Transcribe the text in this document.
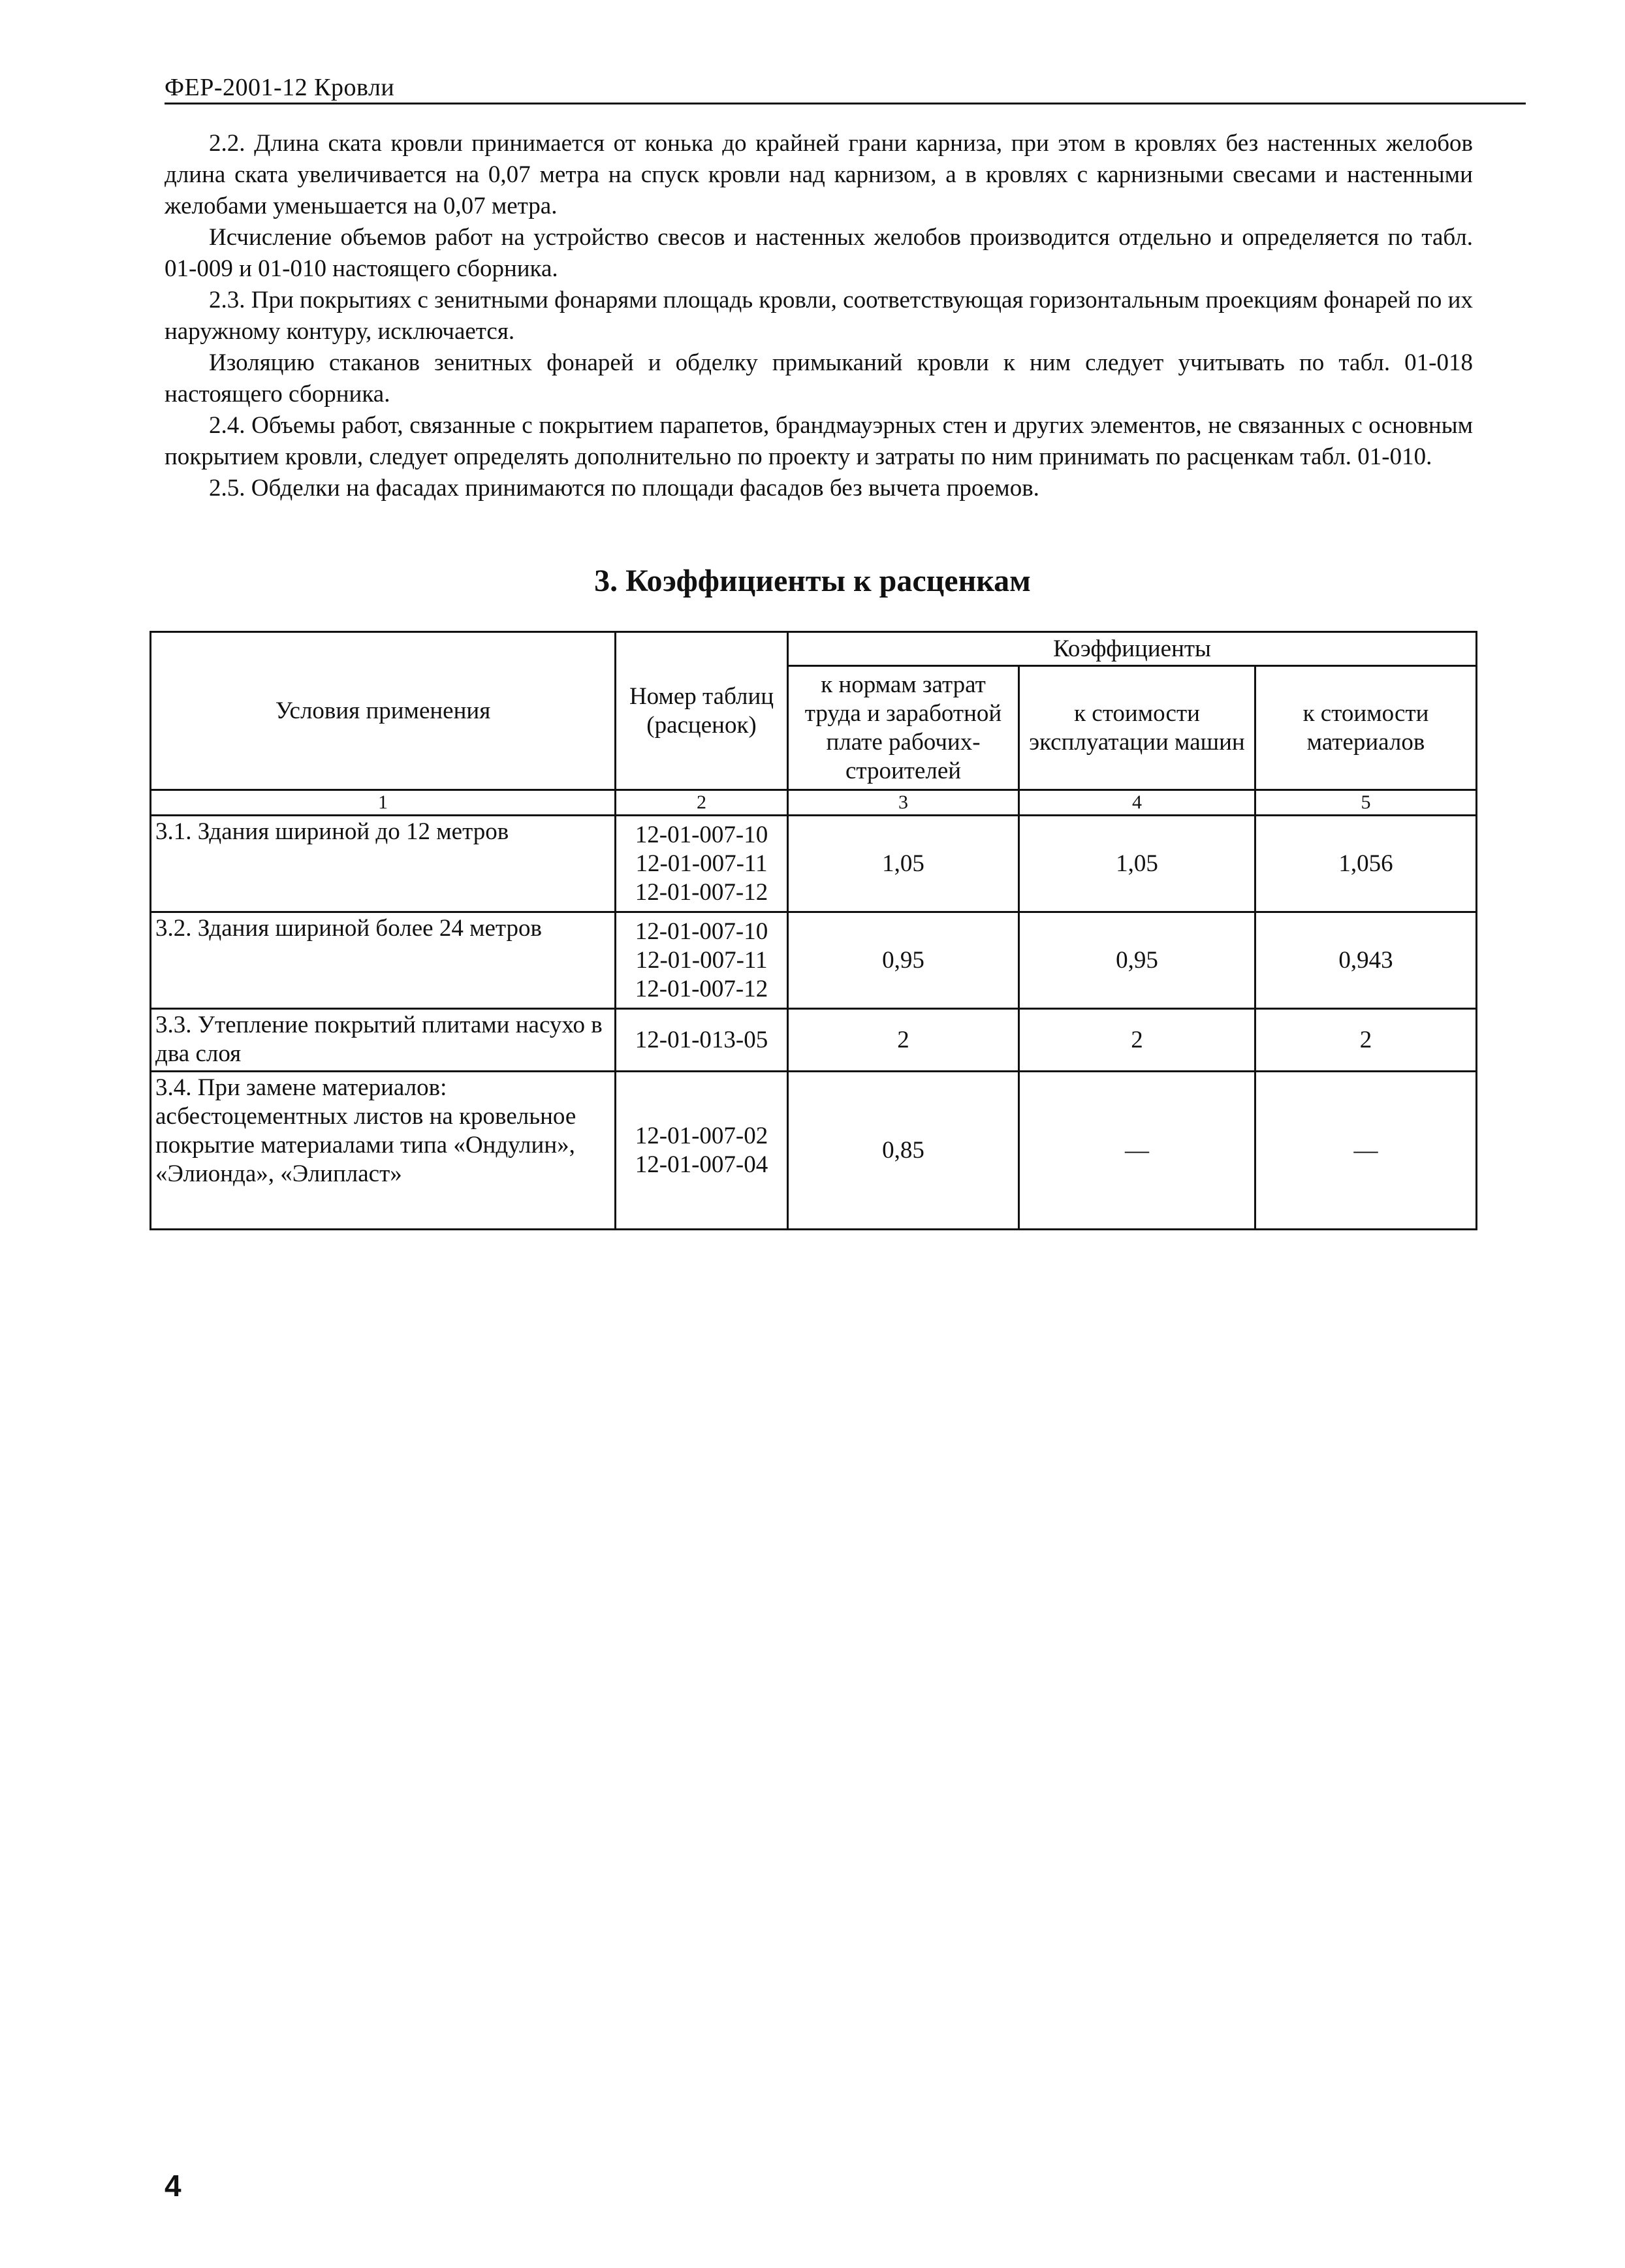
ФЕР-2001-12 Кровли

2.2. Длина ската кровли принимается от конька до крайней грани карниза, при этом в кровлях без настенных желобов длина ската увеличивается на 0,07 метра на спуск кровли над карнизом, а в кровлях с карнизными свесами и настенными желобами уменьшается на 0,07 метра.

Исчисление объемов работ на устройство свесов и настенных желобов производится отдельно и определяется по табл. 01-009 и 01-010 настоящего сборника.

2.3. При покрытиях с зенитными фонарями площадь кровли, соответствующая горизонтальным проекциям фонарей по их наружному контуру, исключается.

Изоляцию стаканов зенитных фонарей и обделку примыканий кровли к ним следует учитывать по табл. 01-018 настоящего сборника.

2.4. Объемы работ, связанные с покрытием парапетов, брандмауэрных стен и других элементов, не связанных с основным покрытием кровли, следует определять дополнительно по проекту и затраты по ним принимать по расценкам табл. 01-010.

2.5. Обделки на фасадах принимаются по площади фасадов без вычета проемов.

3. Коэффициенты к расценкам
Условия применения	Номер таблиц (расценок)	Коэффициенты		
		к нормам затрат труда и заработной плате рабочих-строителей	к стоимости эксплуатации машин	к стоимости материалов
1	2	3	4	5
3.1. Здания шириной до 12 метров	12-01-007-10
12-01-007-11
12-01-007-12	1,05	1,05	1,056
3.2. Здания шириной более 24 метров	12-01-007-10
12-01-007-11
12-01-007-12	0,95	0,95	0,943
3.3. Утепление покрытий плитами насухо в два слоя	12-01-013-05	2	2	2
3.4. При замене материалов: асбестоцементных листов на кровельное покрытие материалами типа «Ондулин», «Элионда», «Элипласт»	12-01-007-02
12-01-007-04	0,85	—	—
4
